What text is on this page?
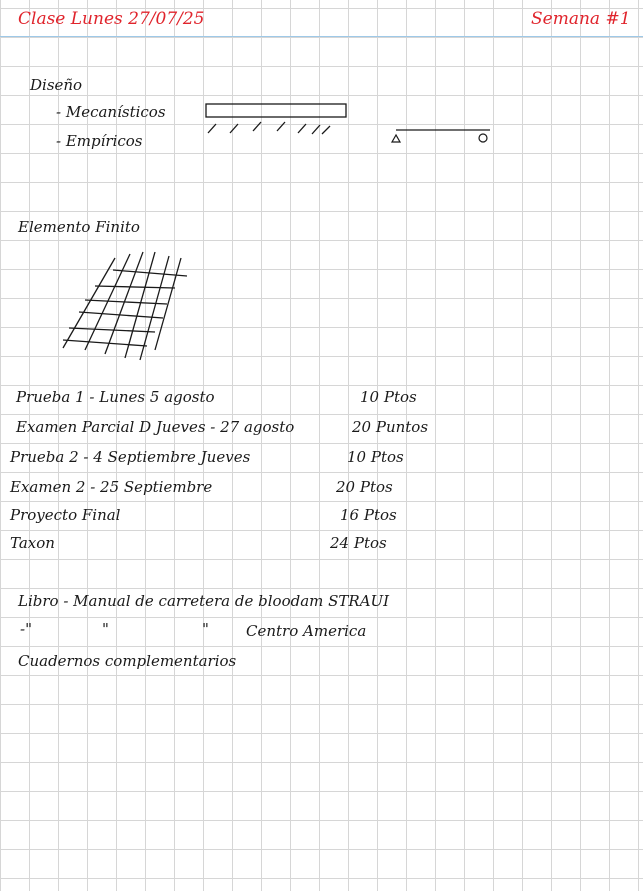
Clase Lunes 27/07/25	Semana #1
Diseño
- Mecanísticos
- Empíricos
Elemento Finito
Prueba 1 - Lunes 5 agosto	10 Ptos
Examen Parcial D Jueves - 27 agosto	20 Puntos
Prueba 2 - 4 Septiembre Jueves	10 Ptos
Examen 2 - 25 Septiembre	20 Ptos
Proyecto Final	16 Ptos
Taxon	24 Ptos
Libro - Manual de carretera de bloodam STRAUI
-"	"	" Centro America
Cuadernos complementarios
